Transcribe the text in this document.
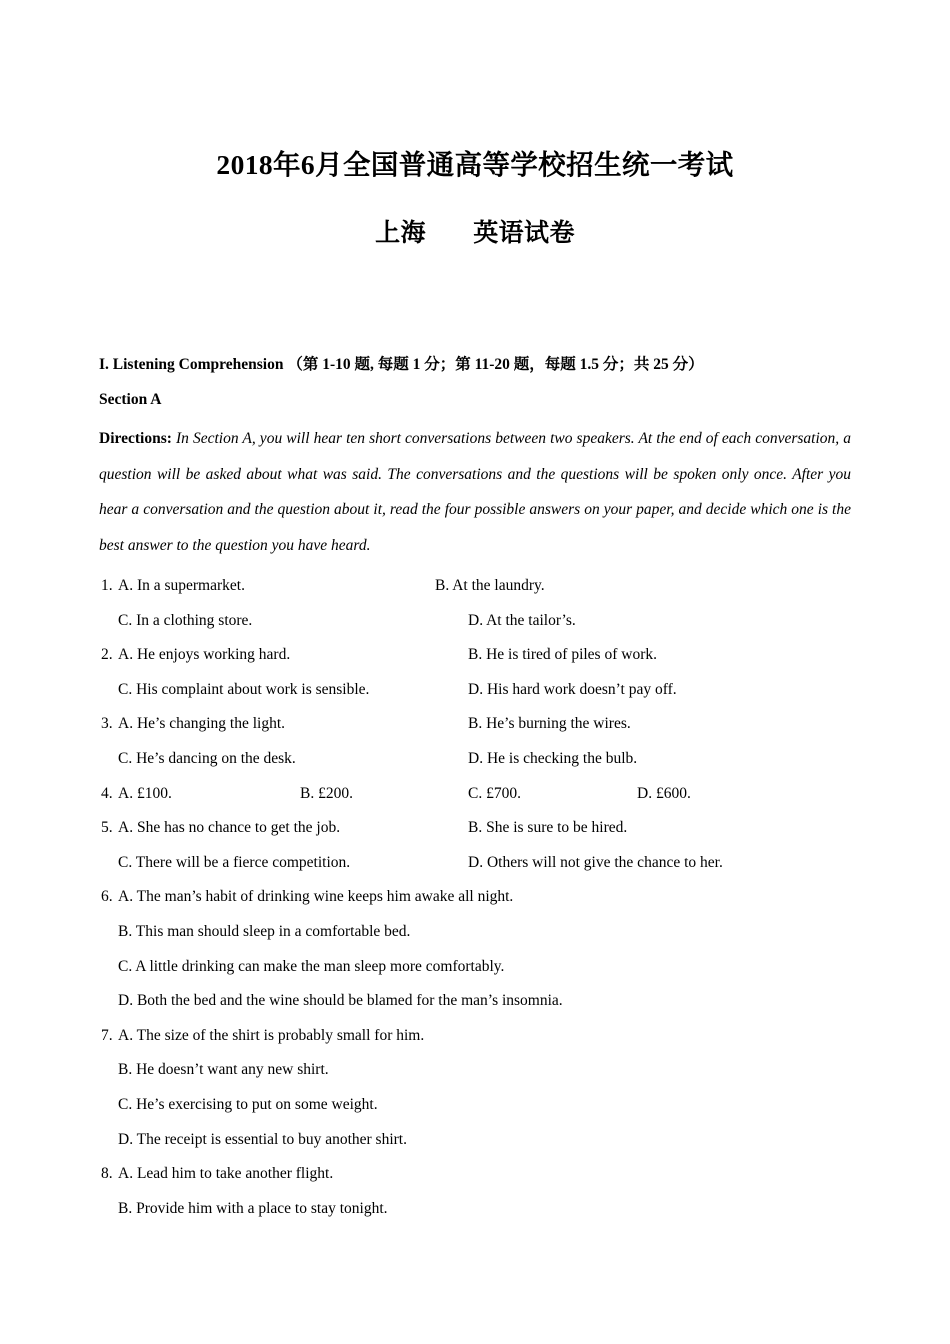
2018年6月全国普通高等学校招生统一考试
上海 英语试卷

I. Listening Comprehension （第 1-10 题, 每题 1 分；第 11-20 题，每题 1.5 分；共 25 分）

Section A

Directions: In Section A, you will hear ten short conversations between two speakers. At the end of each conversation, a question will be asked about what was said. The conversations and the questions will be spoken only once. After you hear a conversation and the question about it, read the four possible answers on your paper, and decide which one is the best answer to the question you have heard.

1. A. In a supermarket.	B. At the laundry.
C. In a clothing store.	D. At the tailor’s.
2. A. He enjoys working hard.	B. He is tired of piles of work.
C. His complaint about work is sensible.	D. His hard work doesn’t pay off.
3. A. He’s changing the light.	B. He’s burning the wires.
C. He’s dancing on the desk.	D. He is checking the bulb.
4. A. £100.	B. £200.	C. £700.	D. £600.
5. A. She has no chance to get the job.	B. She is sure to be hired.
C. There will be a fierce competition.	D. Others will not give the chance to her.
6. A. The man’s habit of drinking wine keeps him awake all night.
B. This man should sleep in a comfortable bed.
C. A little drinking can make the man sleep more comfortably.
D. Both the bed and the wine should be blamed for the man’s insomnia.
7. A. The size of the shirt is probably small for him.
B. He doesn’t want any new shirt.
C. He’s exercising to put on some weight.
D. The receipt is essential to buy another shirt.
8. A. Lead him to take another flight.
B. Provide him with a place to stay tonight.
